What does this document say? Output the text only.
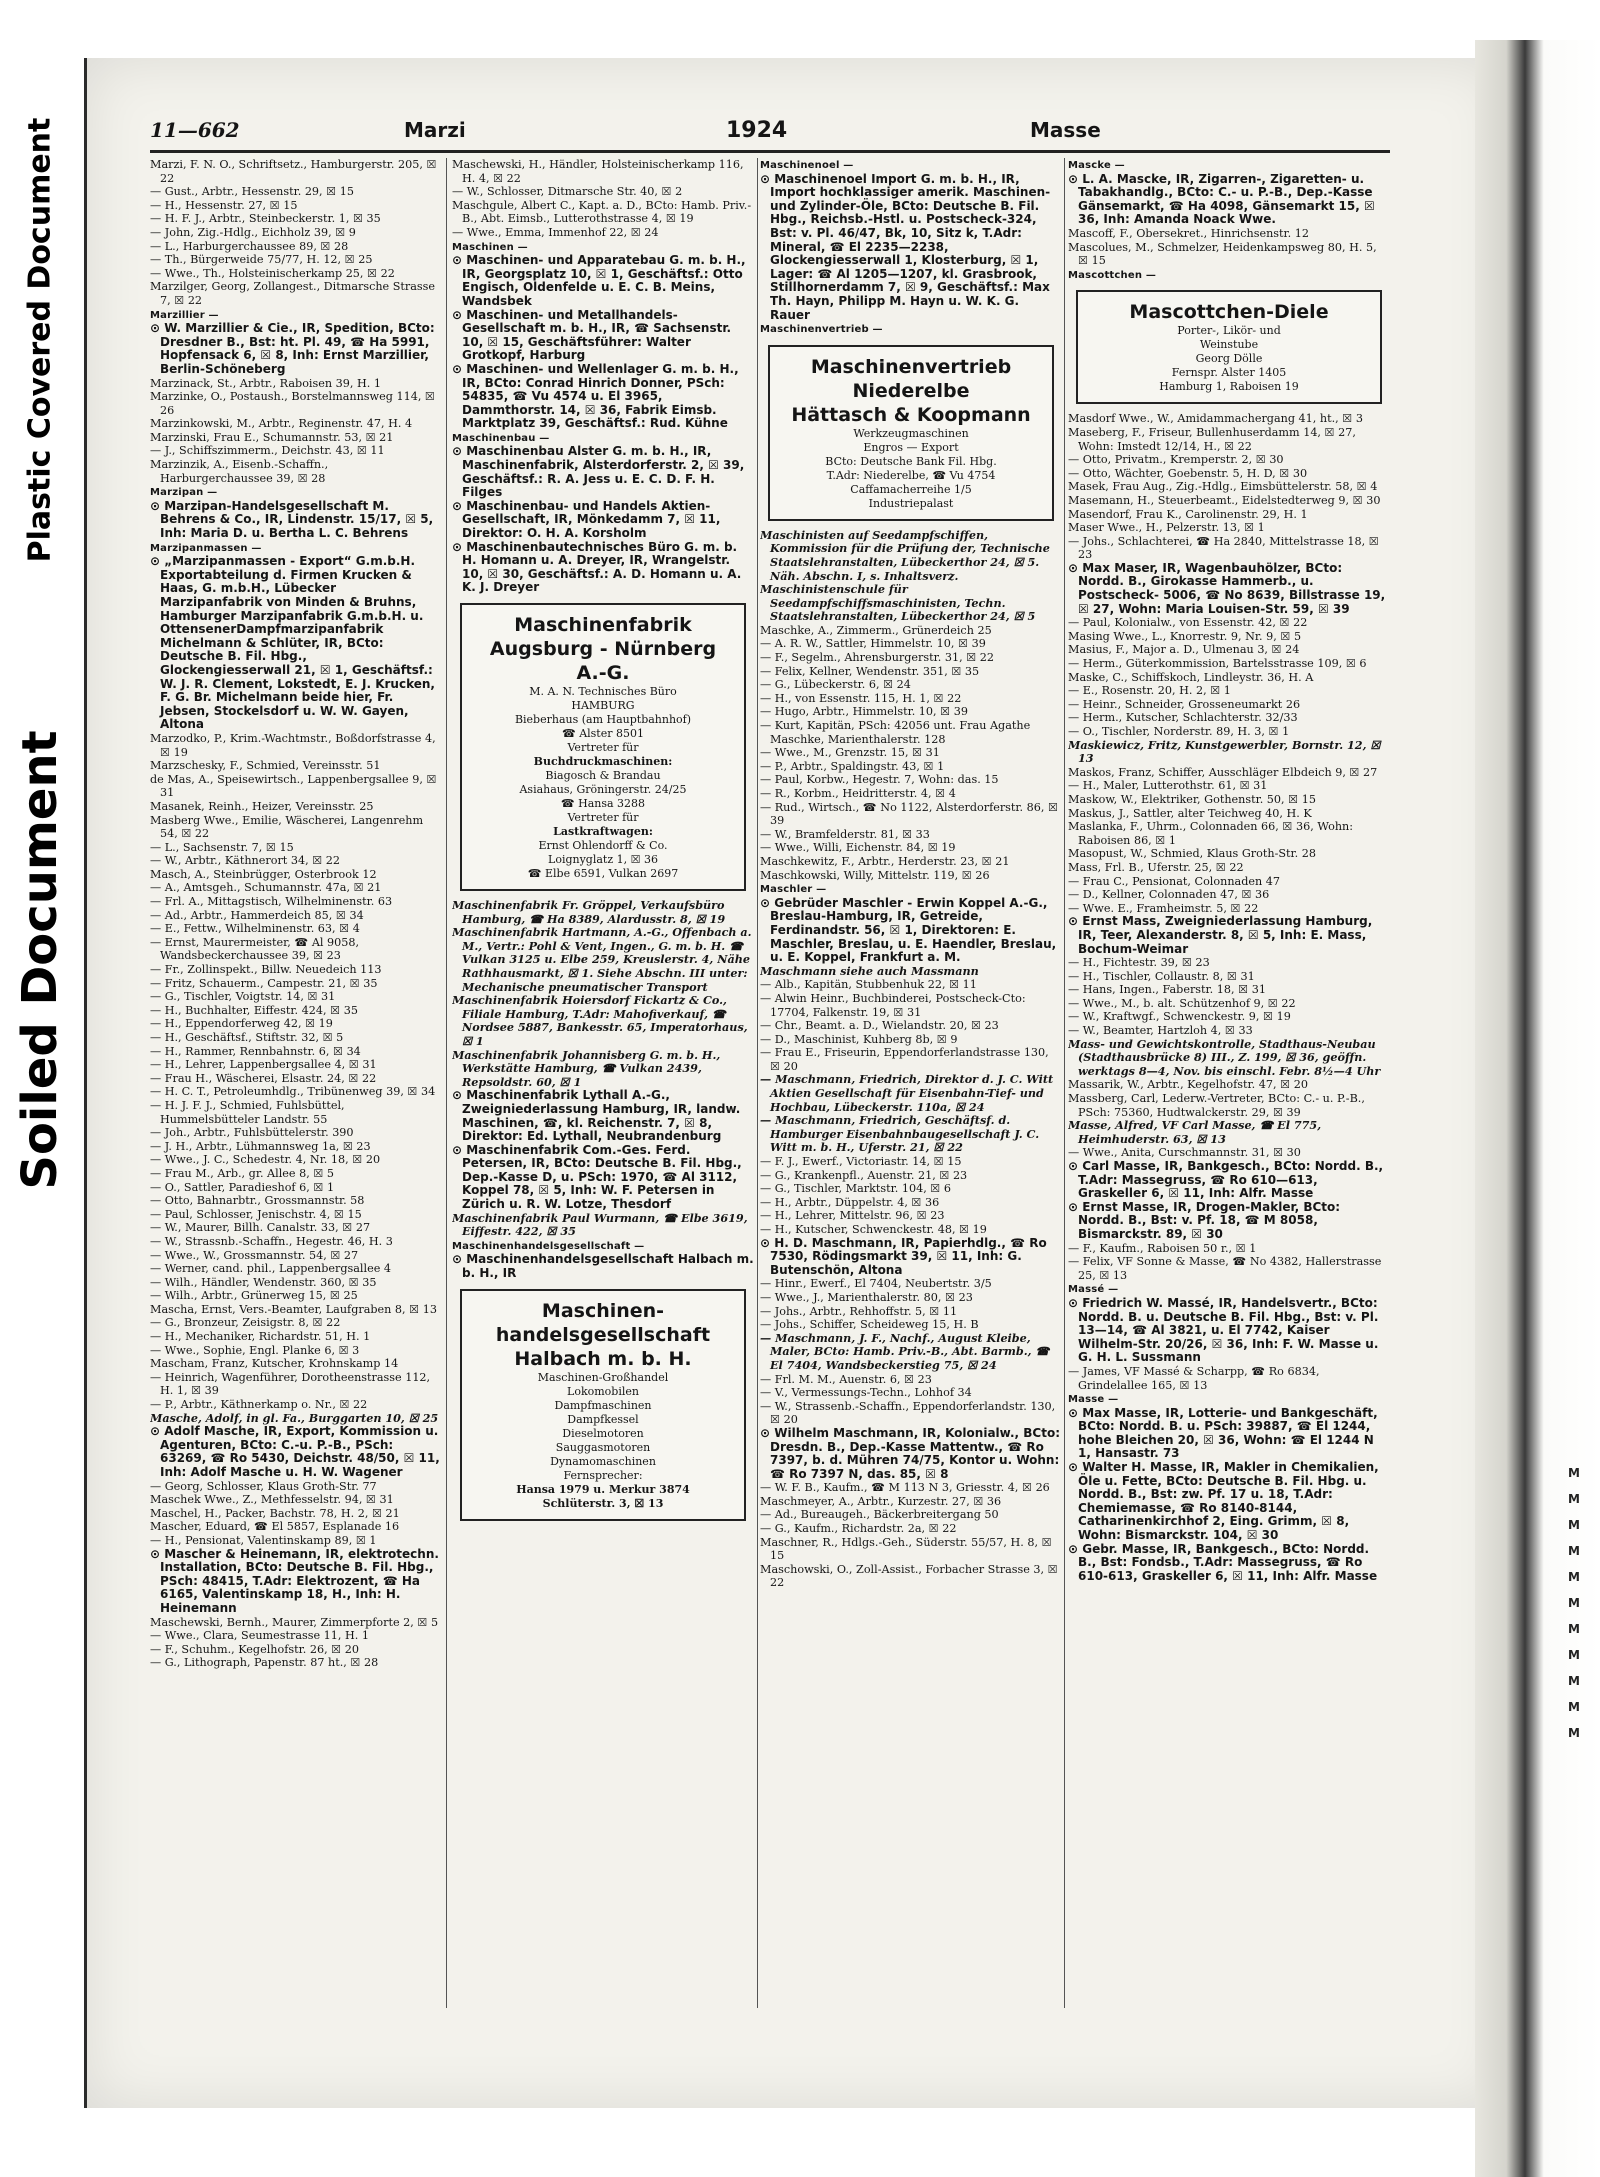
Plastic Covered Document
Soiled Document
M
M
M
M
M
M
M
M
M
M
M
11—662	Marzi	1924	Masse

Marzi, F. N. O., Schriftsetz., Hamburgerstr. 205, ☒ 22

— Gust., Arbtr., Hessenstr. 29, ☒ 15

— H., Hessenstr. 27, ☒ 15

— H. F. J., Arbtr., Steinbeckerstr. 1, ☒ 35

— John, Zig.-Hdlg., Eichholz 39, ☒ 9

— L., Harburgerchaussee 89, ☒ 28

— Th., Bürgerweide 75/77, H. 12, ☒ 25

— Wwe., Th., Holsteinischerkamp 25, ☒ 22

Marzilger, Georg, Zollangest., Ditmarsche Strasse 7, ☒ 22

Marzillier —

⊙ W. Marzillier & Cie., IR, Spedition, BCto: Dresdner B., Bst: ht. Pl. 49, ☎ Ha 5991, Hopfensack 6, ☒ 8, Inh: Ernst Marzillier, Berlin-Schöneberg

Marzinack, St., Arbtr., Raboisen 39, H. 1

Marzinke, O., Postaush., Borstelmannsweg 114, ☒ 26

Marzinkowski, M., Arbtr., Reginenstr. 47, H. 4

Marzinski, Frau E., Schumannstr. 53, ☒ 21

— J., Schiffszimmerm., Deichstr. 43, ☒ 11

Marzinzik, A., Eisenb.-Schaffn., Harburgerchaussee 39, ☒ 28

Marzipan —

⊙ Marzipan-Handelsgesellschaft M. Behrens & Co., IR, Lindenstr. 15/17, ☒ 5, Inh: Maria D. u. Bertha L. C. Behrens

Marzipanmassen —

⊙ „Marzipanmassen - Export“ G.m.b.H. Exportabteilung d. Firmen Krucken & Haas, G. m.b.H., Lübecker Marzipanfabrik von Minden & Bruhns, Hamburger Marzipanfabrik G.m.b.H. u. OttensenerDampfmarzipanfabrik Michelmann & Schlüter, IR, BCto: Deutsche B. Fil. Hbg., Glockengiesserwall 21, ☒ 1, Geschäftsf.: W. J. R. Clement, Lokstedt, E. J. Krucken, F. G. Br. Michelmann beide hier, Fr. Jebsen, Stockelsdorf u. W. W. Gayen, Altona

Marzodko, P., Krim.-Wachtmstr., Boßdorfstrasse 4, ☒ 19

Marzschesky, F., Schmied, Vereinsstr. 51

de Mas, A., Speisewirtsch., Lappenbergsallee 9, ☒ 31

Masanek, Reinh., Heizer, Vereinsstr. 25

Masberg Wwe., Emilie, Wäscherei, Langenrehm 54, ☒ 22

— L., Sachsenstr. 7, ☒ 15

— W., Arbtr., Käthnerort 34, ☒ 22

Masch, A., Steinbrügger, Osterbrook 12

— A., Amtsgeh., Schumannstr. 47a, ☒ 21

— Frl. A., Mittagstisch, Wilhelminenstr. 63

— Ad., Arbtr., Hammerdeich 85, ☒ 34

— E., Fettw., Wilhelminenstr. 63, ☒ 4

— Ernst, Maurermeister, ☎ Al 9058, Wandsbeckerchaussee 39, ☒ 23

— Fr., Zollinspekt., Billw. Neuedeich 113

— Fritz, Schauerm., Campestr. 21, ☒ 35

— G., Tischler, Voigtstr. 14, ☒ 31

— H., Buchhalter, Eiffestr. 424, ☒ 35

— H., Eppendorferweg 42, ☒ 19

— H., Geschäftsf., Stiftstr. 32, ☒ 5

— H., Rammer, Rennbahnstr. 6, ☒ 34

— H., Lehrer, Lappenbergsallee 4, ☒ 31

— Frau H., Wäscherei, Elsastr. 24, ☒ 22

— H. C. T., Petroleumhdlg., Tribünenweg 39, ☒ 34

— H. J. F. J., Schmied, Fuhlsbüttel, Hummelsbütteler Landstr. 55

— Joh., Arbtr., Fuhlsbüttelerstr. 390

— J. H., Arbtr., Lühmannsweg 1a, ☒ 23

— Wwe., J. C., Schedestr. 4, Nr. 18, ☒ 20

— Frau M., Arb., gr. Allee 8, ☒ 5

— O., Sattler, Paradieshof 6, ☒ 1

— Otto, Bahnarbtr., Grossmannstr. 58

— Paul, Schlosser, Jenischstr. 4, ☒ 15

— W., Maurer, Billh. Canalstr. 33, ☒ 27

— W., Strassnb.-Schaffn., Hegestr. 46, H. 3

— Wwe., W., Grossmannstr. 54, ☒ 27

— Werner, cand. phil., Lappenbergsallee 4

— Wilh., Händler, Wendenstr. 360, ☒ 35

— Wilh., Arbtr., Grünerweg 15, ☒ 25

Mascha, Ernst, Vers.-Beamter, Laufgraben 8, ☒ 13

— G., Bronzeur, Zeisigstr. 8, ☒ 22

— H., Mechaniker, Richardstr. 51, H. 1

— Wwe., Sophie, Engl. Planke 6, ☒ 3

Mascham, Franz, Kutscher, Krohnskamp 14

— Heinrich, Wagenführer, Dorotheenstrasse 112, H. 1, ☒ 39

— P., Arbtr., Käthnerkamp o. Nr., ☒ 22

Masche, Adolf, in gl. Fa., Burggarten 10, ☒ 25

⊙ Adolf Masche, IR, Export, Kommission u. Agenturen, BCto: C.-u. P.-B., PSch: 63269, ☎ Ro 5430, Deichstr. 48/50, ☒ 11, Inh: Adolf Masche u. H. W. Wagener

— Georg, Schlosser, Klaus Groth-Str. 77

Maschek Wwe., Z., Methfesselstr. 94, ☒ 31

Maschel, H., Packer, Bachstr. 78, H. 2, ☒ 21

Mascher, Eduard, ☎ El 5857, Esplanade 16

— H., Pensionat, Valentinskamp 89, ☒ 1

⊙ Mascher & Heinemann, IR, elektrotechn. Installation, BCto: Deutsche B. Fil. Hbg., PSch: 48415, T.Adr: Elektrozent, ☎ Ha 6165, Valentinskamp 18, H., Inh: H. Heinemann

Maschewski, Bernh., Maurer, Zimmerpforte 2, ☒ 5

— Wwe., Clara, Seumestrasse 11, H. 1

— F., Schuhm., Kegelhofstr. 26, ☒ 20

— G., Lithograph, Papenstr. 87 ht., ☒ 28

Maschewski, H., Händler, Holsteinischerkamp 116, H. 4, ☒ 22

— W., Schlosser, Ditmarsche Str. 40, ☒ 2

Maschgule, Albert C., Kapt. a. D., BCto: Hamb. Priv.-B., Abt. Eimsb., Lutterothstrasse 4, ☒ 19

— Wwe., Emma, Immenhof 22, ☒ 24

Maschinen —

⊙ Maschinen- und Apparatebau G. m. b. H., IR, Georgsplatz 10, ☒ 1, Geschäftsf.: Otto Engisch, Oldenfelde u. E. C. B. Meins, Wandsbek

⊙ Maschinen- und Metallhandels-Gesellschaft m. b. H., IR, ☎ Sachsenstr. 10, ☒ 15, Geschäftsführer: Walter Grotkopf, Harburg

⊙ Maschinen- und Wellenlager G. m. b. H., IR, BCto: Conrad Hinrich Donner, PSch: 54835, ☎ Vu 4574 u. El 3965, Dammthorstr. 14, ☒ 36, Fabrik Eimsb. Marktplatz 39, Geschäftsf.: Rud. Kühne

Maschinenbau —

⊙ Maschinenbau Alster G. m. b. H., IR, Maschinenfabrik, Alsterdorferstr. 2, ☒ 39, Geschäftsf.: R. A. Jess u. E. C. D. F. H. Filges

⊙ Maschinenbau- und Handels Aktien-Gesellschaft, IR, Mönkedamm 7, ☒ 11, Direktor: O. H. A. Korsholm

⊙ Maschinenbautechnisches Büro G. m. b. H. Homann u. A. Dreyer, IR, Wrangelstr. 10, ☒ 30, Geschäftsf.: A. D. Homann u. A. K. J. Dreyer

Maschinenfabrik
Augsburg - Nürnberg
A.-G.
M. A. N. Technisches Büro
HAMBURG
Bieberhaus (am Hauptbahnhof)
☎ Alster 8501
Vertreter für
Buchdruckmaschinen:
Biagosch & Brandau
Asiahaus, Gröningerstr. 24/25
☎ Hansa 3288
Vertreter für
Lastkraftwagen:
Ernst Ohlendorff & Co.
Loignyglatz 1, ☒ 36
☎ Elbe 6591, Vulkan 2697

Maschinenfabrik Fr. Gröppel, Verkaufsbüro Hamburg, ☎ Ha 8389, Alardusstr. 8, ☒ 19

Maschinenfabrik Hartmann, A.-G., Offenbach a. M., Vertr.: Pohl & Vent, Ingen., G. m. b. H. ☎ Vulkan 3125 u. Elbe 259, Kreuslerstr. 4, Nähe Rathhausmarkt, ☒ 1. Siehe Abschn. III unter: Mechanische pneumatischer Transport

Maschinenfabrik Hoiersdorf Fickartz & Co., Filiale Hamburg, T.Adr: Mahofiverkauf, ☎ Nordsee 5887, Bankesstr. 65, Imperatorhaus, ☒ 1

Maschinenfabrik Johannisberg G. m. b. H., Werkstätte Hamburg, ☎ Vulkan 2439, Repsoldstr. 60, ☒ 1

⊙ Maschinenfabrik Lythall A.-G., Zweigniederlassung Hamburg, IR, landw. Maschinen, ☎, kl. Reichenstr. 7, ☒ 8, Direktor: Ed. Lythall, Neubrandenburg

⊙ Maschinenfabrik Com.-Ges. Ferd. Petersen, IR, BCto: Deutsche B. Fil. Hbg., Dep.-Kasse D, u. PSch: 1970, ☎ Al 3112, Koppel 78, ☒ 5, Inh: W. F. Petersen in Zürich u. R. W. Lotze, Thesdorf

Maschinenfabrik Paul Wurmann, ☎ Elbe 3619, Eiffestr. 422, ☒ 35

Maschinenhandelsgesellschaft —

⊙ Maschinenhandelsgesellschaft Halbach m. b. H., IR

Maschinen-
handelsgesellschaft
Halbach m. b. H.
Maschinen-Großhandel
Lokomobilen
Dampfmaschinen
Dampfkessel
Dieselmotoren
Sauggasmotoren
Dynamomaschinen
Fernsprecher:
Hansa 1979 u. Merkur 3874
Schlüterstr. 3, ☒ 13

Maschinenoel —

⊙ Maschinenoel Import G. m. b. H., IR, Import hochklassiger amerik. Maschinen- und Zylinder-Öle, BCto: Deutsche B. Fil. Hbg., Reichsb.-Hstl. u. Postscheck-324, Bst: v. Pl. 46/47, Bk, 10, Sitz k, T.Adr: Mineral, ☎ El 2235—2238, Glockengiesserwall 1, Klosterburg, ☒ 1, Lager: ☎ Al 1205—1207, kl. Grasbrook, Stillhornerdamm 7, ☒ 9, Geschäftsf.: Max Th. Hayn, Philipp M. Hayn u. W. K. G. Rauer

Maschinenvertrieb —

Maschinenvertrieb
Niederelbe
Hättasch & Koopmann
Werkzeugmaschinen
Engros — Export
BCto: Deutsche Bank Fil. Hbg.
T.Adr: Niederelbe, ☎ Vu 4754
Caffamacherreihe 1/5
Industriepalast

Maschinisten auf Seedampfschiffen, Kommission für die Prüfung der, Technische Staatslehranstalten, Lübeckerthor 24, ☒ 5. Näh. Abschn. I, s. Inhaltsverz.

Maschinistenschule für Seedampfschiffsmaschinisten, Techn. Staatslehranstalten, Lübeckerthor 24, ☒ 5

Maschke, A., Zimmerm., Grünerdeich 25

— A. R. W., Sattler, Himmelstr. 10, ☒ 39

— F., Segelm., Ahrensburgerstr. 31, ☒ 22

— Felix, Kellner, Wendenstr. 351, ☒ 35

— G., Lübeckerstr. 6, ☒ 24

— H., von Essenstr. 115, H. 1, ☒ 22

— Hugo, Arbtr., Himmelstr. 10, ☒ 39

— Kurt, Kapitän, PSch: 42056 unt. Frau Agathe Maschke, Marienthalerstr. 128

— Wwe., M., Grenzstr. 15, ☒ 31

— P., Arbtr., Spaldingstr. 43, ☒ 1

— Paul, Korbw., Hegestr. 7, Wohn: das. 15

— R., Korbm., Heidritterstr. 4, ☒ 4

— Rud., Wirtsch., ☎ No 1122, Alsterdorferstr. 86, ☒ 39

— W., Bramfelderstr. 81, ☒ 33

— Wwe., Willi, Eichenstr. 84, ☒ 19

Maschkewitz, F., Arbtr., Herderstr. 23, ☒ 21

Maschkowski, Willy, Mittelstr. 119, ☒ 26

Maschler —

⊙ Gebrüder Maschler - Erwin Koppel A.-G., Breslau-Hamburg, IR, Getreide, Ferdinandstr. 56, ☒ 1, Direktoren: E. Maschler, Breslau, u. E. Haendler, Breslau, u. E. Koppel, Frankfurt a. M.

Maschmann siehe auch Massmann

— Alb., Kapitän, Stubbenhuk 22, ☒ 11

— Alwin Heinr., Buchbinderei, Postscheck-Cto: 17704, Falkenstr. 19, ☒ 31

— Chr., Beamt. a. D., Wielandstr. 20, ☒ 23

— D., Maschinist, Kuhberg 8b, ☒ 9

— Frau E., Friseurin, Eppendorferlandstrasse 130, ☒ 20

— Maschmann, Friedrich, Direktor d. J. C. Witt Aktien Gesellschaft für Eisenbahn-Tief- und Hochbau, Lübeckerstr. 110a, ☒ 24

— Maschmann, Friedrich, Geschäftsf. d. Hamburger Eisenbahnbaugesellschaft J. C. Witt m. b. H., Uferstr. 21, ☒ 22

— F. J., Ewerf., Victoriastr. 14, ☒ 15

— G., Krankenpfl., Auenstr. 21, ☒ 23

— G., Tischler, Marktstr. 104, ☒ 6

— H., Arbtr., Düppelstr. 4, ☒ 36

— H., Lehrer, Mittelstr. 96, ☒ 23

— H., Kutscher, Schwenckestr. 48, ☒ 19

⊙ H. D. Maschmann, IR, Papierhdlg., ☎ Ro 7530, Rödingsmarkt 39, ☒ 11, Inh: G. Butenschön, Altona

— Hinr., Ewerf., El 7404, Neubertstr. 3/5

— Wwe., J., Marienthalerstr. 80, ☒ 23

— Johs., Arbtr., Rehhoffstr. 5, ☒ 11

— Johs., Schiffer, Scheideweg 15, H. B

— Maschmann, J. F., Nachf., August Kleibe, Maler, BCto: Hamb. Priv.-B., Abt. Barmb., ☎ El 7404, Wandsbeckerstieg 75, ☒ 24

— Frl. M. M., Auenstr. 6, ☒ 23

— V., Vermessungs-Techn., Lohhof 34

— W., Strassenb.-Schaffn., Eppendorferlandstr. 130, ☒ 20

⊙ Wilhelm Maschmann, IR, Kolonialw., BCto: Dresdn. B., Dep.-Kasse Mattentw., ☎ Ro 7397, b. d. Mühren 74/75, Kontor u. Wohn: ☎ Ro 7397 N, das. 85, ☒ 8

— W. F. B., Kaufm., ☎ M 113 N 3, Griesstr. 4, ☒ 26

Maschmeyer, A., Arbtr., Kurzestr. 27, ☒ 36

— Ad., Bureaugeh., Bäckerbreitergang 50

— G., Kaufm., Richardstr. 2a, ☒ 22

Maschner, R., Hdlgs.-Geh., Süderstr. 55/57, H. 8, ☒ 15

Maschowski, O., Zoll-Assist., Forbacher Strasse 3, ☒ 22

Mascke —

⊙ L. A. Mascke, IR, Zigarren-, Zigaretten- u. Tabakhandlg., BCto: C.- u. P.-B., Dep.-Kasse Gänsemarkt, ☎ Ha 4098, Gänsemarkt 15, ☒ 36, Inh: Amanda Noack Wwe.

Mascoff, F., Obersekret., Hinrichsenstr. 12

Mascolues, M., Schmelzer, Heidenkampsweg 80, H. 5, ☒ 15

Mascottchen —

Mascottchen-Diele
Porter-, Likör- und
Weinstube
Georg Dölle
Fernspr. Alster 1405
Hamburg 1, Raboisen 19

Masdorf Wwe., W., Amidammachergang 41, ht., ☒ 3

Maseberg, F., Friseur, Bullenhuserdamm 14, ☒ 27, Wohn: Imstedt 12/14, H., ☒ 22

— Otto, Privatm., Kremperstr. 2, ☒ 30

— Otto, Wächter, Goebenstr. 5, H. D, ☒ 30

Masek, Frau Aug., Zig.-Hdlg., Eimsbüttelerstr. 58, ☒ 4

Masemann, H., Steuerbeamt., Eidelstedterweg 9, ☒ 30

Masendorf, Frau K., Carolinenstr. 29, H. 1

Maser Wwe., H., Pelzerstr. 13, ☒ 1

— Johs., Schlachterei, ☎ Ha 2840, Mittelstrasse 18, ☒ 23

⊙ Max Maser, IR, Wagenbauhölzer, BCto: Nordd. B., Girokasse Hammerb., u. Postscheck- 5006, ☎ No 8639, Billstrasse 19, ☒ 27, Wohn: Maria Louisen-Str. 59, ☒ 39

— Paul, Kolonialw., von Essenstr. 42, ☒ 22

Masing Wwe., L., Knorrestr. 9, Nr. 9, ☒ 5

Masius, F., Major a. D., Ulmenau 3, ☒ 24

— Herm., Güterkommission, Bartelsstrasse 109, ☒ 6

Maske, C., Schiffskoch, Lindleystr. 36, H. A

— E., Rosenstr. 20, H. 2, ☒ 1

— Heinr., Schneider, Grosseneumarkt 26

— Herm., Kutscher, Schlachterstr. 32/33

— O., Tischler, Norderstr. 89, H. 3, ☒ 1

Maskiewicz, Fritz, Kunstgewerbler, Bornstr. 12, ☒ 13

Maskos, Franz, Schiffer, Ausschläger Elbdeich 9, ☒ 27

— H., Maler, Lutterothstr. 61, ☒ 31

Maskow, W., Elektriker, Gothenstr. 50, ☒ 15

Maskus, J., Sattler, alter Teichweg 40, H. K

Maslanka, F., Uhrm., Colonnaden 66, ☒ 36, Wohn: Raboisen 86, ☒ 1

Masopust, W., Schmied, Klaus Groth-Str. 28

Mass, Frl. B., Uferstr. 25, ☒ 22

— Frau C., Pensionat, Colonnaden 47

— D., Kellner, Colonnaden 47, ☒ 36

— Wwe. E., Framheimstr. 5, ☒ 22

⊙ Ernst Mass, Zweigniederlassung Hamburg, IR, Teer, Alexanderstr. 8, ☒ 5, Inh: E. Mass, Bochum-Weimar

— H., Fichtestr. 39, ☒ 23

— H., Tischler, Collaustr. 8, ☒ 31

— Hans, Ingen., Faberstr. 18, ☒ 31

— Wwe., M., b. alt. Schützenhof 9, ☒ 22

— W., Kraftwgf., Schwenckestr. 9, ☒ 19

— W., Beamter, Hartzloh 4, ☒ 33

Mass- und Gewichtskontrolle, Stadthaus-Neubau (Stadthausbrücke 8) III., Z. 199, ☒ 36, geöffn. werktags 8—4, Nov. bis einschl. Febr. 8½—4 Uhr

Massarik, W., Arbtr., Kegelhofstr. 47, ☒ 20

Massberg, Carl, Lederw.-Vertreter, BCto: C.- u. P.-B., PSch: 75360, Hudtwalckerstr. 29, ☒ 39

Masse, Alfred, VF Carl Masse, ☎ El 775, Heimhuderstr. 63, ☒ 13

— Wwe., Anita, Curschmannstr. 31, ☒ 30

⊙ Carl Masse, IR, Bankgesch., BCto: Nordd. B., T.Adr: Massegruss, ☎ Ro 610—613, Graskeller 6, ☒ 11, Inh: Alfr. Masse

⊙ Ernst Masse, IR, Drogen-Makler, BCto: Nordd. B., Bst: v. Pf. 18, ☎ M 8058, Bismarckstr. 89, ☒ 30

— F., Kaufm., Raboisen 50 r., ☒ 1

— Felix, VF Sonne & Masse, ☎ No 4382, Hallerstrasse 25, ☒ 13

Massé —

⊙ Friedrich W. Massé, IR, Handelsvertr., BCto: Nordd. B. u. Deutsche B. Fil. Hbg., Bst: v. Pl. 13—14, ☎ Al 3821, u. El 7742, Kaiser Wilhelm-Str. 20/26, ☒ 36, Inh: F. W. Masse u. G. H. L. Sussmann

— James, VF Massé & Scharpp, ☎ Ro 6834, Grindelallee 165, ☒ 13

Masse —

⊙ Max Masse, IR, Lotterie- und Bankgeschäft, BCto: Nordd. B. u. PSch: 39887, ☎ El 1244, hohe Bleichen 20, ☒ 36, Wohn: ☎ El 1244 N 1, Hansastr. 73

⊙ Walter H. Masse, IR, Makler in Chemikalien, Öle u. Fette, BCto: Deutsche B. Fil. Hbg. u. Nordd. B., Bst: zw. Pf. 17 u. 18, T.Adr: Chemiemasse, ☎ Ro 8140-8144, Catharinenkirchhof 2, Eing. Grimm, ☒ 8, Wohn: Bismarckstr. 104, ☒ 30

⊙ Gebr. Masse, IR, Bankgesch., BCto: Nordd. B., Bst: Fondsb., T.Adr: Massegruss, ☎ Ro 610-613, Graskeller 6, ☒ 11, Inh: Alfr. Masse
